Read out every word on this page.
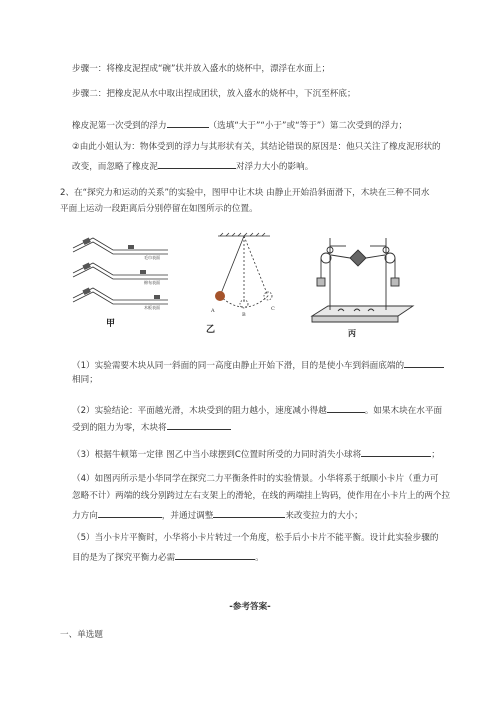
步骤一：将橡皮泥捏成“碗”状并放入盛水的烧杯中，漂浮在水面上；
步骤二：把橡皮泥从水中取出捏成团状，放入盛水的烧杯中，下沉至杯底；
橡皮泥第一次受到的浮力	（选填“大于”“小于”或“等于”）第二次受到的浮力；
②由此小姐认为：物体受到的浮力与其形状有关，其结论错误的原因是：他只关注了橡皮泥形状的
改变，而忽略了橡皮泥	对浮力大小的影响。
2、在“探究力和运动的关系”的实验中，图甲中让木块 由静止开始沿斜面滑下，木块在三种不同水
平面上运动一段距离后分别停留在如图所示的位置。
毛巾表面
棉布表面
木板表面
甲
A
B
C
乙	丙
（1）实验需要木块从同一斜面的同一高度由静止开始下滑，目的是使小车到斜面底端的
相同；
（2）实验结论：平面越光滑，木块受到的阻力越小，速度减小得越	。如果木块在水平面
受到的阻力为零，木块将
（3）根据牛顿第一定律 图乙中当小球摆到C位置时所受的力同时消失小球将	；
（4）如图丙所示是小华同学在探究二力平衡条件时的实验情景。小华将系于纸顺小卡片（重力可
忽略不计）两端的线分别跨过左右支架上的滑轮，在线的两端挂上钩码，使作用在小卡片上的两个拉
力方向	，并通过调整	来改变拉力的大小；
（5）当小卡片平衡时，小华将小卡片转过一个角度，松手后小卡片不能平衡。设计此实验步骤的
目的是为了探究平衡力必需	。
-参考答案-
一、单选题
